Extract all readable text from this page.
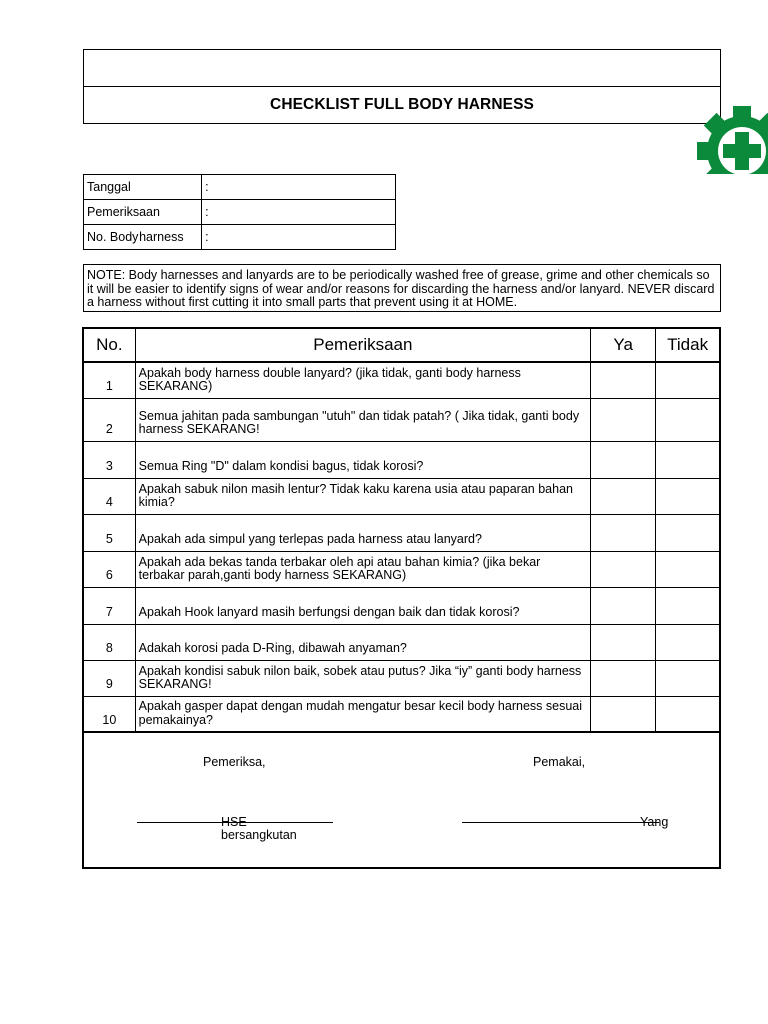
CHECKLIST FULL BODY HARNESS
Tanggal		:
Pemeriks	aan	:
No. Body	harness	:
NOTE: Body harnesses and lanyards are to be periodically washed free of grease, grime and other chemicals so it will be easier to identify signs of wear and/or reasons for discarding the harness and/or lanyard. NEVER discard a harness without first cutting it into small parts that prevent using it at HOME.
No.	Pemeriksaan	Ya	Tidak
1	Apakah body harness double lanyard? (jika tidak, ganti body harness SEKARANG)		
2	Semua jahitan pada sambungan "utuh" dan tidak patah? ( Jika tidak, ganti body harness SEKARANG!		
3	Semua Ring "D" dalam kondisi bagus, tidak korosi?		
4	Apakah sabuk nilon masih lentur? Tidak kaku karena usia atau paparan bahan kimia?		
5	Apakah ada simpul yang terlepas pada harness atau lanyard?		
6	Apakah ada bekas tanda terbakar oleh api atau bahan kimia? (jika bekar terbakar parah,ganti body harness SEKARANG)		
7	Apakah Hook lanyard masih berfungsi dengan baik dan tidak korosi?		
8	Adakah korosi pada D-Ring, dibawah anyaman?		
9	Apakah kondisi sabuk nilon baik, sobek atau putus? Jika “iy” ganti body harness SEKARANG!		
10	Apakah gasper dapat dengan mudah mengatur besar kecil body harness sesuai pemakainya?		
Pemeriksa,	Pemakai,
HSE	Yang
bersangkutan
